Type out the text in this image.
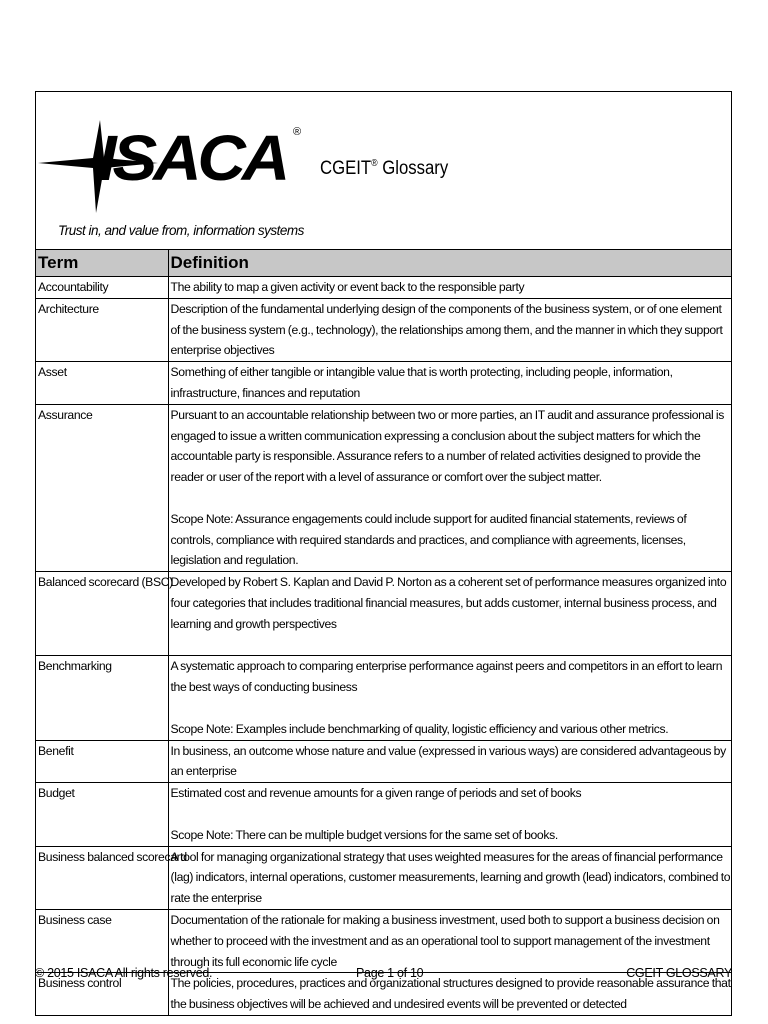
ISACA ®
Trust in, and value from, information systems
CGEIT® Glossary
Term	Definition
Accountability	The ability to map a given activity or event back to the responsible party

Architecture	Description of the fundamental underlying design of the components of the business system, or of one element of the business system (e.g., technology), the relationships among them, and the manner in which they support enterprise objectives

Asset	Something of either tangible or intangible value that is worth protecting, including people, information, infrastructure, finances and reputation

Assurance	Pursuant to an accountable relationship between two or more parties, an IT audit and assurance professional is engaged to issue a written communication expressing a conclusion about the subject matters for which the accountable party is responsible. Assurance refers to a number of related activities designed to provide the reader or user of the report with a level of assurance or comfort over the subject matter.
Scope Note: Assurance engagements could include support for audited financial statements, reviews of controls, compliance with required standards and practices, and compliance with agreements, licenses, legislation and regulation.

Balanced scorecard (BSC)	Developed by Robert S. Kaplan and David P. Norton as a coherent set of performance measures organized into four categories that includes traditional financial measures, but adds customer, internal business process, and learning and growth perspectives

Benchmarking	A systematic approach to comparing enterprise performance against peers and competitors in an effort to learn the best ways of conducting business
Scope Note: Examples include benchmarking of quality, logistic efficiency and various other metrics.

Benefit	In business, an outcome whose nature and value (expressed in various ways) are considered advantageous by an enterprise

Budget	Estimated cost and revenue amounts for a given range of periods and set of books
Scope Note: There can be multiple budget versions for the same set of books.

Business balanced scorecard	A tool for managing organizational strategy that uses weighted measures for the areas of financial performance (lag) indicators, internal operations, customer measurements, learning and growth (lead) indicators, combined to rate the enterprise

Business case	Documentation of the rationale for making a business investment, used both to support a business decision on whether to proceed with the investment and as an operational tool to support management of the investment through its full economic life cycle

Business control	The policies, procedures, practices and organizational structures designed to provide reasonable assurance that the business objectives will be achieved and undesired events will be prevented or detected
© 2015 ISACA All rights reserved.	Page 1 of 10	CGEIT GLOSSARY
